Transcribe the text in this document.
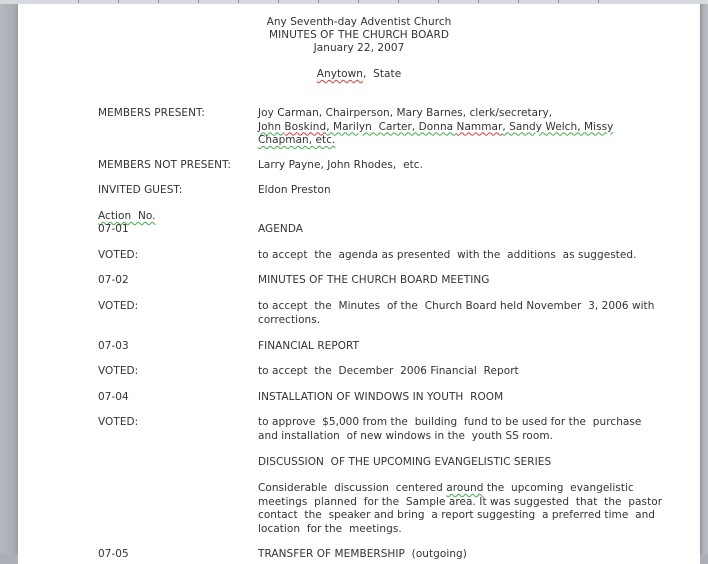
Any Seventh-day Adventist Church
MINUTES OF THE CHURCH BOARD
January 22, 2007
Anytown,  State
MEMBERS PRESENT:	Joy Carman, Chairperson, Mary Barnes, clerk/secretary,
John Boskind, Marilyn  Carter, Donna Nammar, Sandy Welch, Missy
Chapman, etc.
MEMBERS NOT PRESENT:	Larry Payne, John Rhodes,  etc.
INVITED GUEST:	Eldon Preston
Action  No.
07-01	AGENDA
VOTED:	to accept  the  agenda as presented  with the  additions  as suggested.
07-02	MINUTES OF THE CHURCH BOARD MEETING
VOTED:	to accept  the  Minutes  of the  Church Board held November  3, 2006 with
corrections.
07-03	FINANCIAL REPORT
VOTED:	to accept  the  December  2006 Financial  Report
07-04	INSTALLATION OF WINDOWS IN YOUTH  ROOM
VOTED:	to approve  $5,000 from the  building  fund to be used for the  purchase
and installation  of new windows in the  youth SS room.
DISCUSSION  OF THE UPCOMING EVANGELISTIC SERIES
Considerable  discussion  centered around the  upcoming  evangelistic
meetings  planned  for the  Sample area. It was suggested  that  the  pastor
contact  the  speaker and bring  a report suggesting  a preferred time  and
location  for the  meetings.
07-05	TRANSFER OF MEMBERSHIP  (outgoing)
